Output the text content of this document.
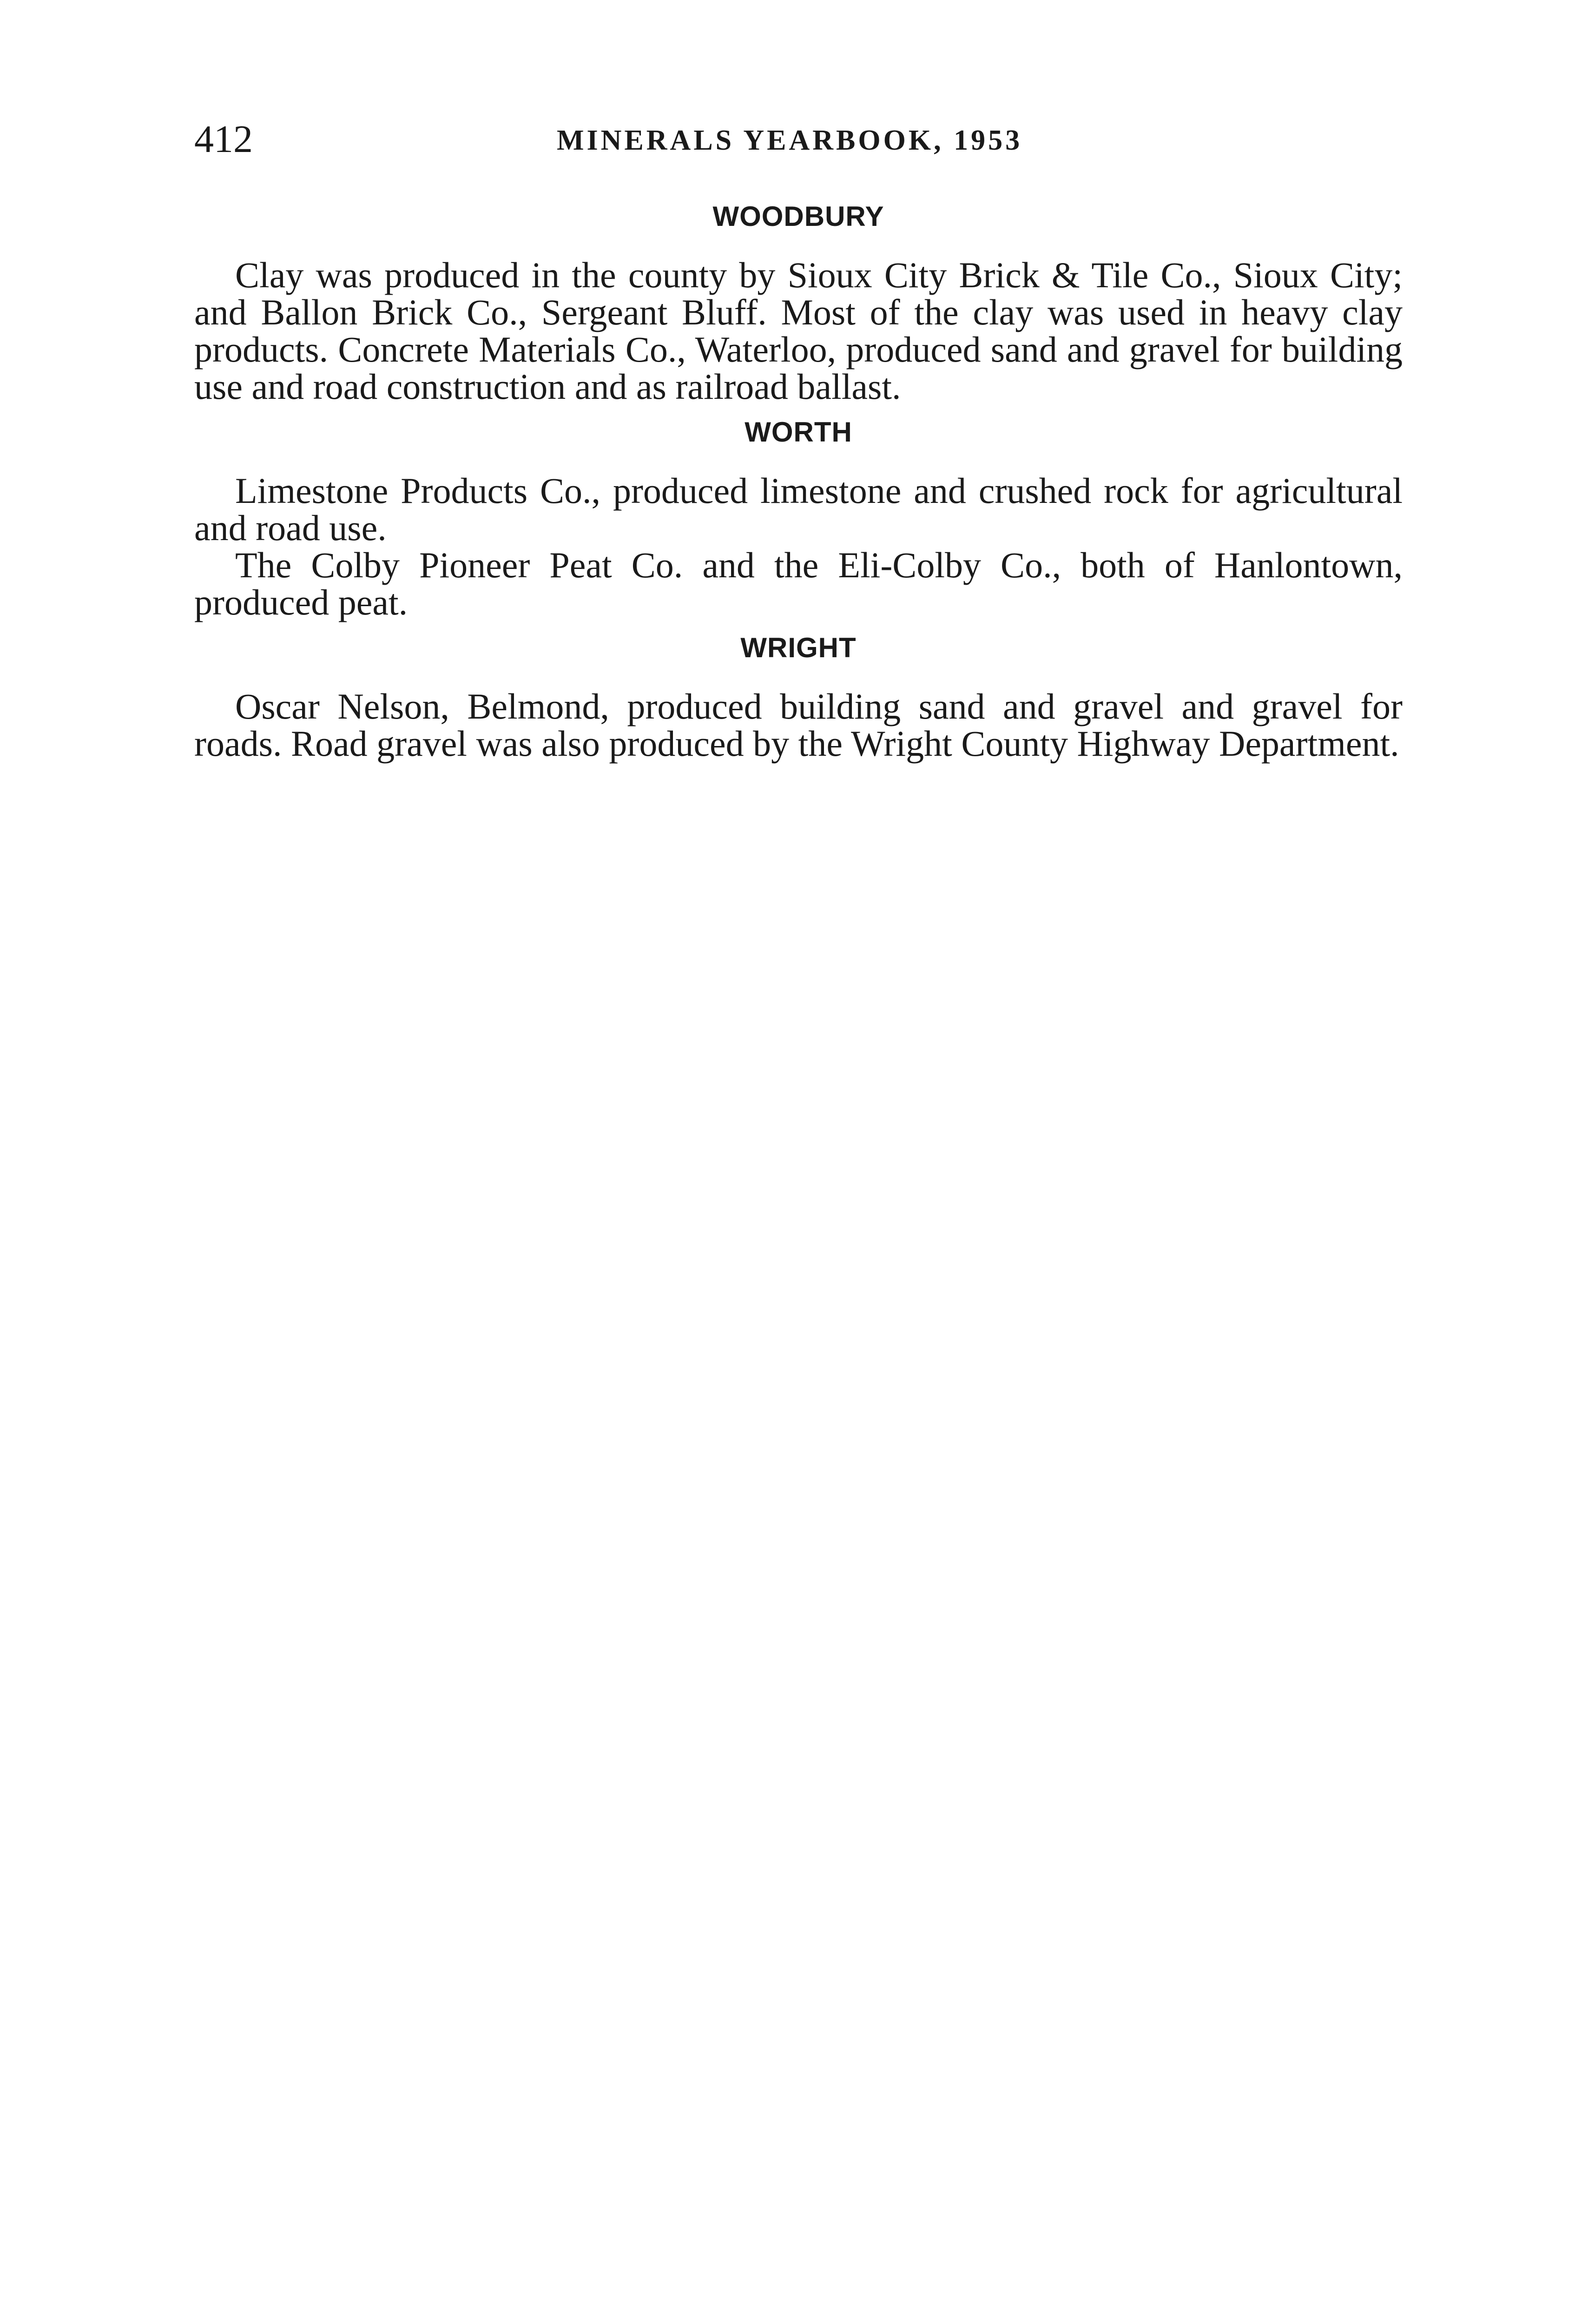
412	MINERALS YEARBOOK, 1953
WOODBURY

Clay was produced in the county by Sioux City Brick & Tile Co., Sioux City; and Ballon Brick Co., Sergeant Bluff. Most of the clay was used in heavy clay products. Concrete Materials Co., Waterloo, produced sand and gravel for building use and road construction and as railroad ballast.

WORTH

Limestone Products Co., produced limestone and crushed rock for agricultural and road use.

The Colby Pioneer Peat Co. and the Eli-Colby Co., both of Hanlontown, produced peat.

WRIGHT

Oscar Nelson, Belmond, produced building sand and gravel and gravel for roads. Road gravel was also produced by the Wright County Highway Department.
